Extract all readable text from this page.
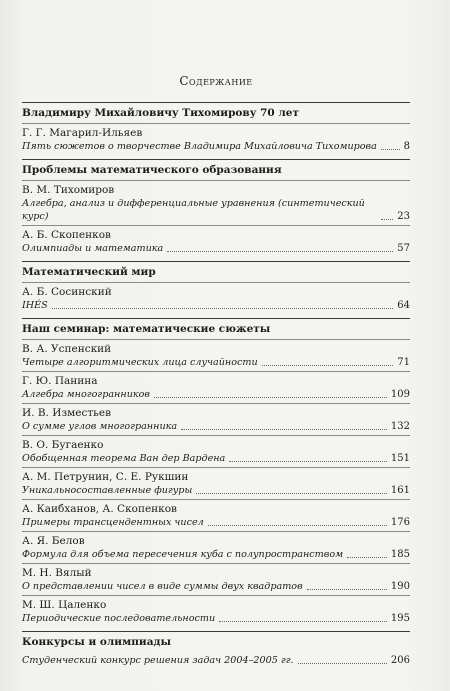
Содержание
Владимиру Михайловичу Тихомирову 70 лет
Г. Г. Магарил-Ильяев
Пять сюжетов о творчестве Владимира Михайловича Тихомирова	8
Проблемы математического образования
В. М. Тихомиров
Алгебра, анализ и дифференциальные уравнения (синтетический курс)	23
А. Б. Скопенков
Олимпиады и математика	57
Математический мир
А. Б. Сосинский
IHÉS	64
Наш семинар: математические сюжеты
В. А. Успенский
Четыре алгоритмических лица случайности	71
Г. Ю. Панина
Алгебра многогранников	109
И. В. Изместьев
О сумме углов многогранника	132
В. О. Бугаенко
Обобщенная теорема Ван дер Вардена	151
А. М. Петрунин, С. Е. Рукшин
Уникальносоставленные фигуры	161
А. Каибханов, А. Скопенков
Примеры трансцендентных чисел	176
А. Я. Белов
Формула для объема пересечения куба с полупространством	185
М. Н. Вялый
О представлении чисел в виде суммы двух квадратов	190
М. Ш. Цаленко
Периодические последовательности	195
Конкурсы и олимпиады
Студенческий конкурс решения задач 2004–2005 гг.	206
